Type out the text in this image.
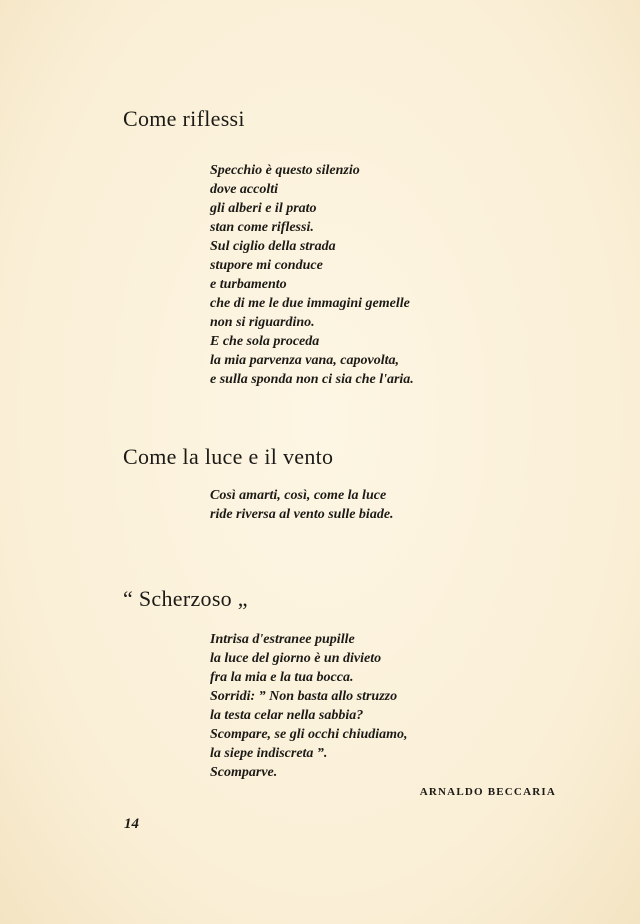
Come riflessi
Specchio è questo silenzio
dove accolti
gli alberi e il prato
stan come riflessi.
Sul ciglio della strada
stupore mi conduce
e turbamento
che di me le due immagini gemelle
non si riguardino.
E che sola proceda
la mia parvenza vana, capovolta,
e sulla sponda non ci sia che l'aria.
Come la luce e il vento
Così amarti, così, come la luce
ride riversa al vento sulle biade.
“ Scherzoso „
Intrisa d'estranee pupille
la luce del giorno è un divieto
fra la mia e la tua bocca.
Sorridi: ” Non basta allo struzzo
la testa celar nella sabbia?
Scompare, se gli occhi chiudiamo,
la siepe indiscreta ”.
Scomparve.
ARNALDO BECCARIA
14
